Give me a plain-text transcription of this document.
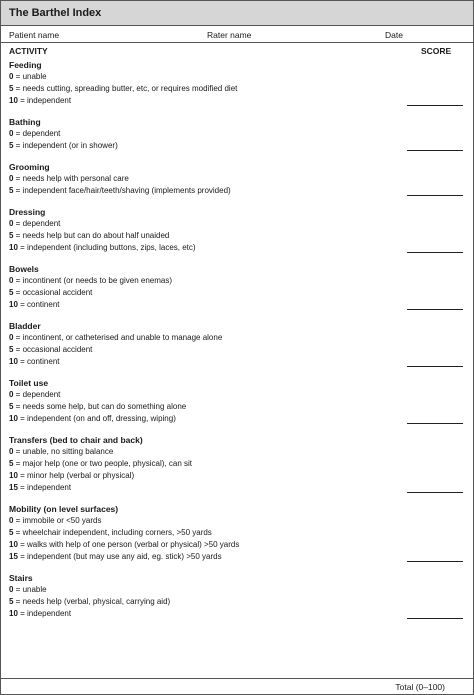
The Barthel Index
Patient name	Rater name	Date
ACTIVITY	SCORE
Feeding
0 = unable
5 = needs cutting, spreading butter, etc, or requires modified diet
10 = independent
Bathing
0 = dependent
5 = independent (or in shower)
Grooming
0 = needs help with personal care
5 = independent face/hair/teeth/shaving (implements provided)
Dressing
0 = dependent
5 = needs help but can do about half unaided
10 = independent (including buttons, zips, laces, etc)
Bowels
0 = incontinent (or needs to be given enemas)
5 = occasional accident
10 = continent
Bladder
0 = incontinent, or catheterised and unable to manage alone
5 = occasional accident
10 = continent
Toilet use
0 = dependent
5 = needs some help, but can do something alone
10 = independent (on and off, dressing, wiping)
Transfers (bed to chair and back)
0 = unable, no sitting balance
5 = major help (one or two people, physical), can sit
10 = minor help (verbal or physical)
15 = independent
Mobility (on level surfaces)
0 = immobile or <50 yards
5 = wheelchair independent, including corners, >50 yards
10 = walks with help of one person (verbal or physical) >50 yards
15 = independent (but may use any aid, eg. stick) >50 yards
Stairs
0 = unable
5 = needs help (verbal, physical, carrying aid)
10 = independent
Total (0–100)
